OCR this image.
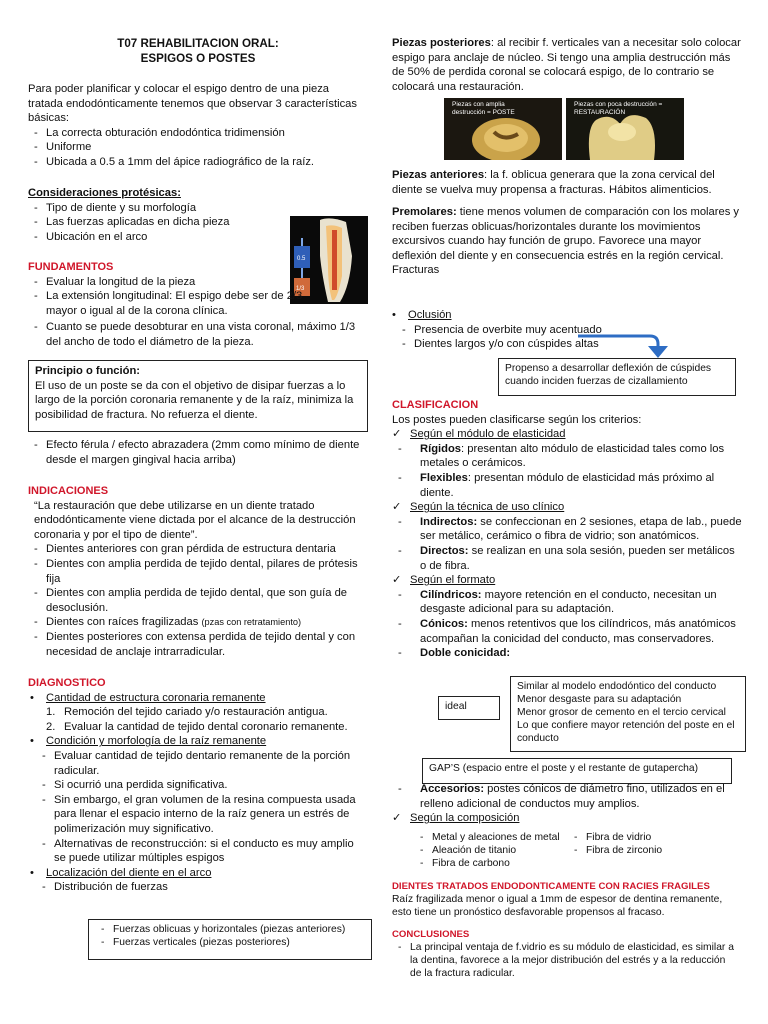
T07 REHABILITACION ORAL:
ESPIGOS O POSTES
Para poder planificar y colocar el espigo dentro de una pieza tratada endodónticamente tenemos que observar 3 características básicas:
- La correcta obturación endodóntica tridimensión
- Uniforme
- Ubicada a 0.5 a 1mm del ápice radiográfico de la raíz.
Consideraciones protésicas:
- Tipo de diente y su morfología
- Las fuerzas aplicadas en dicha pieza
- Ubicación en el arco
0.5
1/3
FUNDAMENTOS
- Evaluar la longitud de la pieza
- La extensión longitudinal: El espigo debe ser de 2/3 mayor o igual al de la corona clínica.
- Cuanto se puede desobturar en una vista coronal, máximo 1/3 del ancho de todo el diámetro de la pieza.
Principio o función:
El uso de un poste se da con el objetivo de disipar fuerzas a lo largo de la porción coronaria remanente y de la raíz, minimiza la posibilidad de fractura. No refuerza el diente.
- Efecto férula / efecto abrazadera (2mm como mínimo de diente desde el margen gingival hacia arriba)
INDICACIONES
“La restauración que debe utilizarse en un diente tratado endodónticamente viene dictada por el alcance de la destrucción coronaria y por el tipo de diente”.
- Dientes anteriores con gran pérdida de estructura dentaria
- Dientes con amplia perdida de tejido dental, pilares de prótesis fija
- Dientes con amplia perdida de tejido dental, que son guía de desoclusión.
- Dientes con raíces fragilizadas (pzas con retratamiento)
- Dientes posteriores con extensa perdida de tejido dental y con necesidad de anclaje intrarradicular.
DIAGNOSTICO
• Cantidad de estructura coronaria remanente
1. Remoción del tejido cariado y/o restauración antigua.
2. Evaluar la cantidad de tejido dental coronario remanente.
• Condición y morfología de la raíz remanente
- Evaluar cantidad de tejido dentario remanente de la porción radicular.
- Si ocurrió una perdida significativa.
- Sin embargo, el gran volumen de la resina compuesta usada para llenar el espacio interno de la raíz genera un estrés de polimerización muy significativo.
- Alternativas de reconstrucción: si el conducto es muy amplio se puede utilizar múltiples espigos
• Localización del diente en el arco
- Distribución de fuerzas
- Fuerzas oblicuas y horizontales (piezas anteriores)
- Fuerzas verticales (piezas posteriores)
Piezas posteriores: al recibir f. verticales van a necesitar solo colocar espigo para anclaje de núcleo. Si tengo una amplia destrucción más de 50% de perdida coronal se colocará espigo, de lo contrario se colocará una restauración.
Piezas con amplia destrucción = POSTE
Piezas con poca destrucción = RESTAURACIÓN
Piezas anteriores: la f. oblicua generara que la zona cervical del diente se vuelva muy propensa a fracturas. Hábitos alimenticios.
Premolares: tiene menos volumen de comparación con los molares y reciben fuerzas oblicuas/horizontales durante los movimientos excursivos cuando hay función de grupo. Favorece una mayor deflexión del diente y en consecuencia estrés en la región cervical.
Fracturas
• Oclusión
- Presencia de overbite muy acentuado
- Dientes largos y/o con cúspides altas
Propenso a desarrollar deflexión de cúspides cuando inciden fuerzas de cizallamiento
CLASIFICACION
Los postes pueden clasificarse según los criterios:
✓ Según el módulo de elasticidad
- Rígidos: presentan alto módulo de elasticidad tales como los metales o cerámicos.
- Flexibles: presentan módulo de elasticidad más próximo al diente.
✓ Según la técnica de uso clínico
- Indirectos: se confeccionan en 2 sesiones, etapa de lab., puede ser metálico, cerámico o fibra de vidrio; son anatómicos.
- Directos: se realizan en una sola sesión, pueden ser metálicos o de fibra.
✓ Según el formato
- Cilíndricos: mayore retención en el conducto, necesitan un desgaste adicional para su adaptación.
- Cónicos: menos retentivos que los cilíndricos, más anatómicos acompañan la conicidad del conducto, mas conservadores.
- Doble conicidad:
Similar al modelo endodóntico del conducto
Menor desgaste para su adaptación
Menor grosor de cemento en el tercio cervical
Lo que confiere mayor retención del poste en el conducto
ideal
GAP’S (espacio entre el poste y el restante de gutapercha)
- Accesorios: postes cónicos de diámetro fino, utilizados en el relleno adicional de conductos muy amplios.
✓ Según la composición
- Metal y aleaciones de metal
- Aleación de titanio
- Fibra de carbono
- Fibra de vidrio
- Fibra de zirconio
DIENTES TRATADOS ENDODONTICAMENTE CON RACIES FRAGILES
Raíz fragilizada menor o igual a 1mm de espesor de dentina remanente, esto tiene un pronóstico desfavorable propensos al fracaso.
CONCLUSIONES
- La principal ventaja de f.vidrio es su módulo de elasticidad, es similar a la dentina, favorece a la mejor distribución del estrés y a la reducción de la fractura radicular.
